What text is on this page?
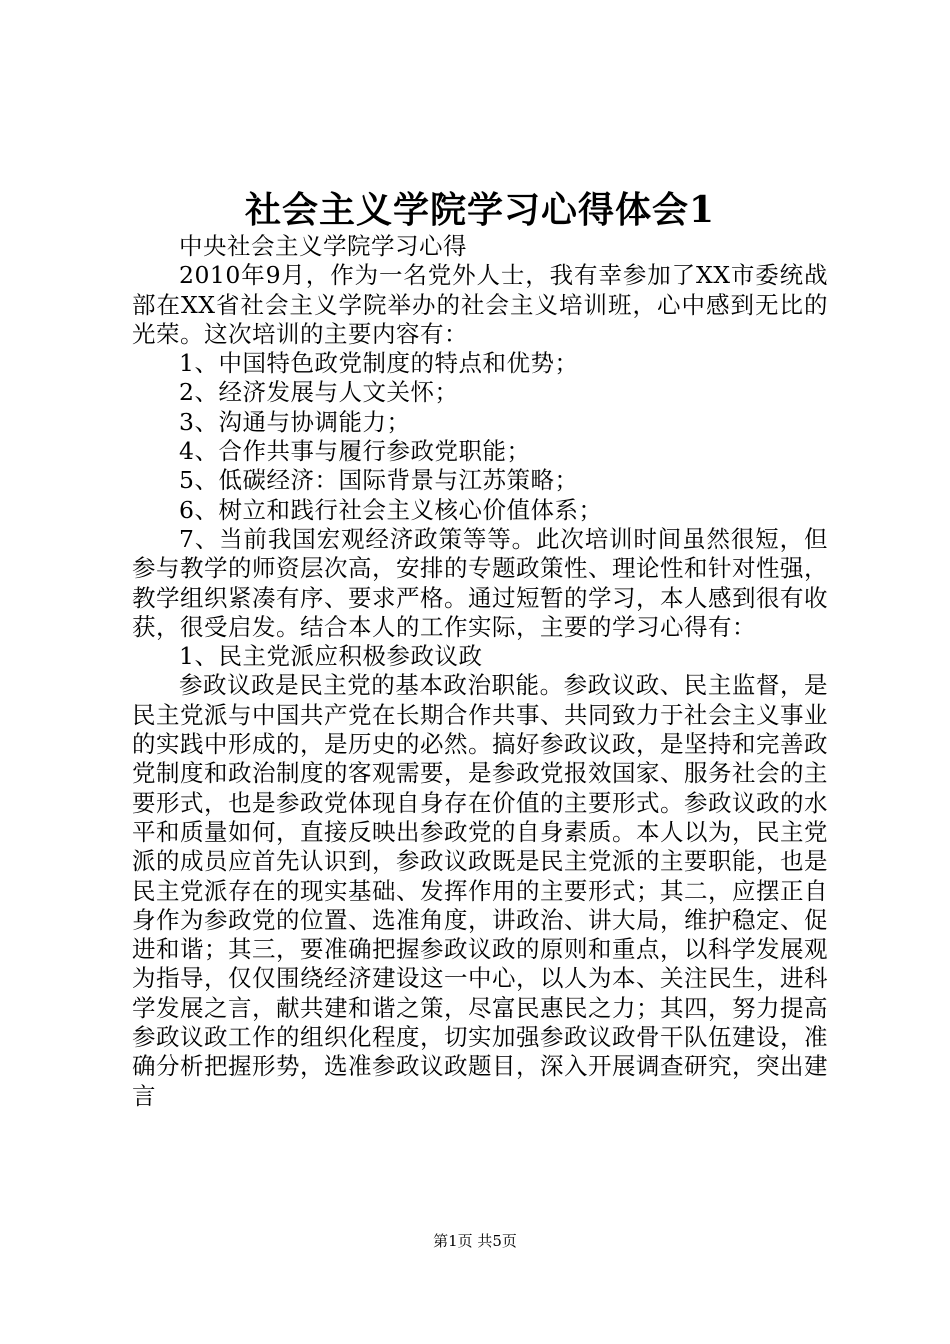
社会主义学院学习心得体会1

中央社会主义学院学习心得

2010年9月，作为一名党外人士，我有幸参加了XX市委统战部在XX省社会主义学院举办的社会主义培训班，心中感到无比的光荣。这次培训的主要内容有：

1、中国特色政党制度的特点和优势；

2、经济发展与人文关怀；

3、沟通与协调能力；

4、合作共事与履行参政党职能；

5、低碳经济：国际背景与江苏策略；

6、树立和践行社会主义核心价值体系；

7、当前我国宏观经济政策等等。此次培训时间虽然很短，但参与教学的师资层次高，安排的专题政策性、理论性和针对性强，教学组织紧凑有序、要求严格。通过短暂的学习，本人感到很有收获，很受启发。结合本人的工作实际，主要的学习心得有：

1、民主党派应积极参政议政

参政议政是民主党的基本政治职能。参政议政、民主监督，是民主党派与中国共产党在长期合作共事、共同致力于社会主义事业的实践中形成的，是历史的必然。搞好参政议政，是坚持和完善政党制度和政治制度的客观需要，是参政党报效国家、服务社会的主要形式，也是参政党体现自身存在价值的主要形式。参政议政的水平和质量如何，直接反映出参政党的自身素质。本人以为，民主党派的成员应首先认识到，参政议政既是民主党派的主要职能，也是民主党派存在的现实基础、发挥作用的主要形式；其二，应摆正自身作为参政党的位置、选准角度，讲政治、讲大局，维护稳定、促进和谐；其三，要准确把握参政议政的原则和重点，以科学发展观为指导，仅仅围绕经济建设这一中心，以人为本、关注民生，进科学发展之言，献共建和谐之策，尽富民惠民之力；其四，努力提高参政议政工作的组织化程度，切实加强参政议政骨干队伍建设，准确分析把握形势，选准参政议政题目，深入开展调查研究，突出建言

第1页 共5页
